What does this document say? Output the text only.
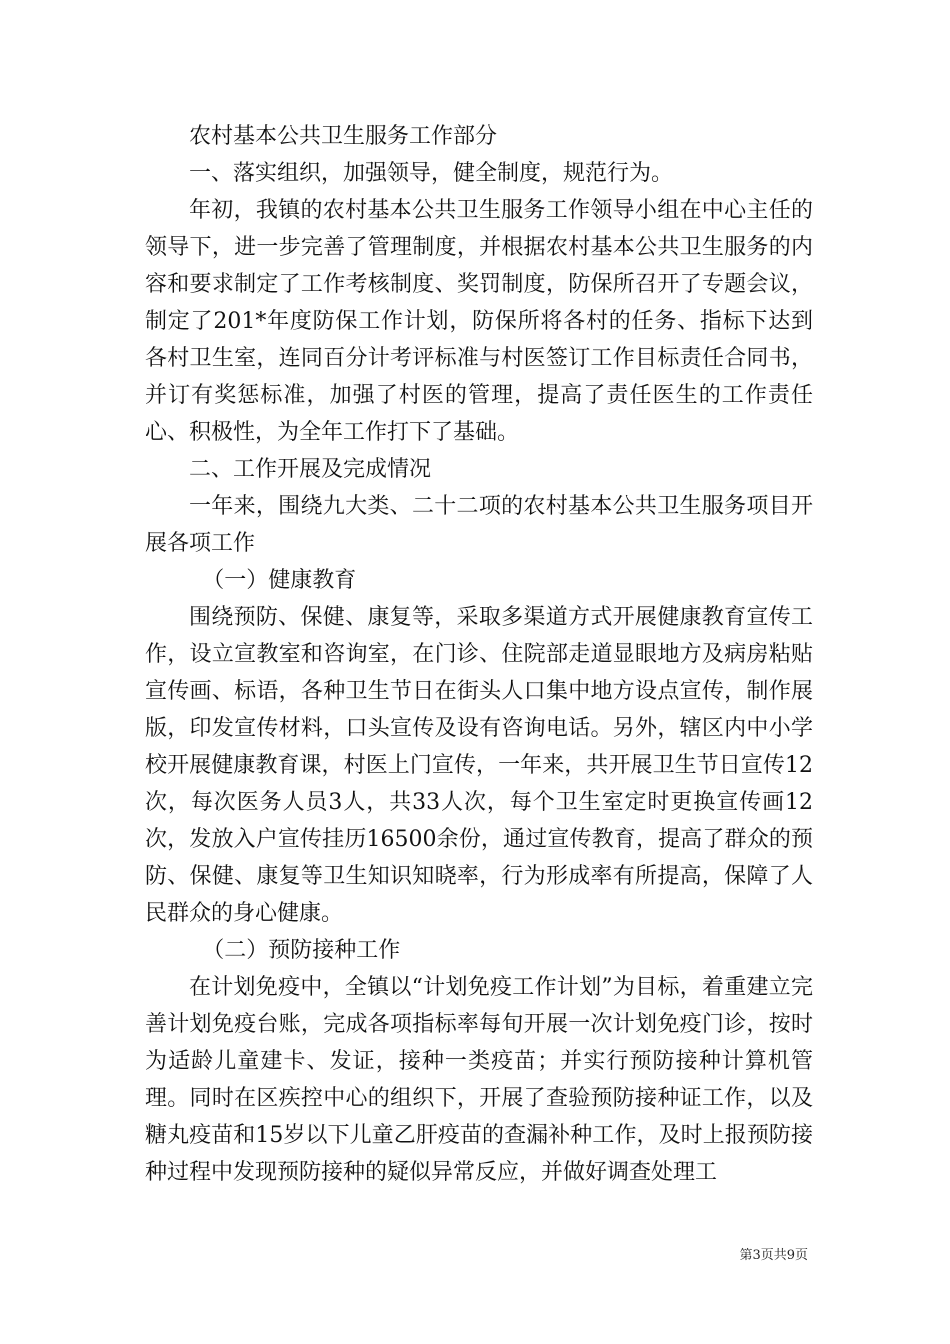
农村基本公共卫生服务工作部分

一、落实组织，加强领导，健全制度，规范行为。

年初，我镇的农村基本公共卫生服务工作领导小组在中心主任的领导下，进一步完善了管理制度，并根据农村基本公共卫生服务的内容和要求制定了工作考核制度、奖罚制度，防保所召开了专题会议，制定了201*年度防保工作计划，防保所将各村的任务、指标下达到各村卫生室，连同百分计考评标准与村医签订工作目标责任合同书，并订有奖惩标准，加强了村医的管理，提高了责任医生的工作责任心、积极性，为全年工作打下了基础。

二、工作开展及完成情况

一年来，围绕九大类、二十二项的农村基本公共卫生服务项目开展各项工作

（一）健康教育

围绕预防、保健、康复等，采取多渠道方式开展健康教育宣传工作，设立宣教室和咨询室，在门诊、住院部走道显眼地方及病房粘贴宣传画、标语，各种卫生节日在街头人口集中地方设点宣传，制作展版，印发宣传材料，口头宣传及设有咨询电话。另外，辖区内中小学校开展健康教育课，村医上门宣传，一年来，共开展卫生节日宣传12次，每次医务人员3人，共33人次，每个卫生室定时更换宣传画12次，发放入户宣传挂历16500余份，通过宣传教育，提高了群众的预防、保健、康复等卫生知识知晓率，行为形成率有所提高，保障了人民群众的身心健康。

（二）预防接种工作

在计划免疫中，全镇以“计划免疫工作计划”为目标，着重建立完善计划免疫台账，完成各项指标率每旬开展一次计划免疫门诊，按时为适龄儿童建卡、发证，接种一类疫苗；并实行预防接种计算机管理。同时在区疾控中心的组织下，开展了查验预防接种证工作，以及糖丸疫苗和15岁以下儿童乙肝疫苗的查漏补种工作，及时上报预防接种过程中发现预防接种的疑似异常反应，并做好调查处理工

第3页共9页
